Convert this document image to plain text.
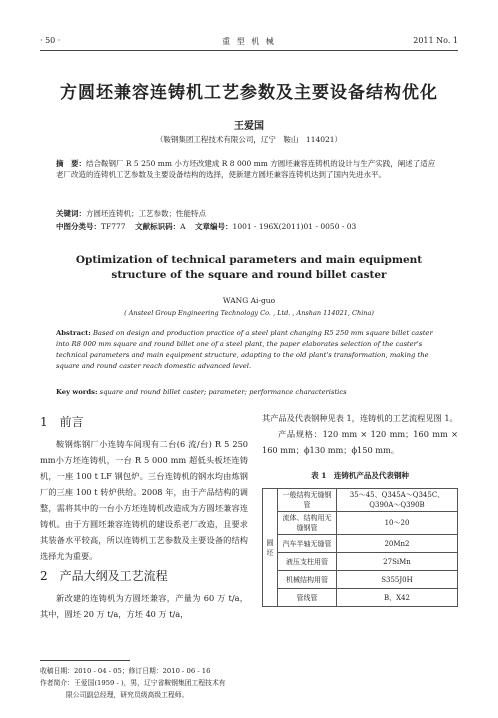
· 50 ·	重 型 机 械	2011 No. 1
方圆坯兼容连铸机工艺参数及主要设备结构优化
王爱国
（鞍钢集团工程技术有限公司，辽宁　鞍山　114021）
摘　要：结合鞍钢厂 R 5 250 mm 小方坯改建成 R 8 000 mm 方圆坯兼容连铸机的设计与生产实践，阐述了适应老厂改造的连铸机工艺参数及主要设备结构的选择，使新建方圆坯兼容连铸机达到了国内先进水平。
关键词：方圆坯连铸机；工艺参数；性能特点
中图分类号：TF777 文献标识码：A 文章编号：1001 - 196X(2011)01 - 0050 - 03
Optimization of technical parameters and main equipment
structure of the square and round billet caster
WANG Ai-guo
( Ansteel Group Engineering Technology Co. , Ltd. , Anshan 114021, China)
Abstract: Based on design and production practice of a steel plant changing R5 250 mm square billet caster into R8 000 mm square and round billet one of a steel plant, the paper elaborates selection of the caster's technical parameters and main equipment structure, adapting to the old plant's transformation, making the square and round caster reach domestic advanced level.
Key words: square and round billet caster; parameter; performance characteristics
1　前言
鞍钢炼钢厂小连铸车间现有二台(6 流/台) R 5 250 mm小方坯连铸机，一台 R 5 000 mm 超低头板坯连铸机，一座 100 t LF 钢包炉。三台连铸机的钢水均由炼钢厂的三座 100 t 转炉供给。2008 年，由于产品结构的调整，需将其中的一台小方坯连铸机改造成为方圆坯兼容连铸机。由于方圆坯兼容连铸机的建设系老厂改造，且要求其装备水平较高，所以连铸机工艺参数及主要设备的结构选择尤为重要。
2　产品大纲及工艺流程
新改建的连铸机为方圆坯兼容，产量为 60 万 t/a，其中，圆坯 20 万 t/a，方坯 40 万 t/a，
其产品及代表钢种见表 1，连铸机的工艺流程见图 1。
产品规格：120 mm × 120 mm；160 mm × 160 mm；ϕ130 mm；ϕ150 mm。
表 1　连铸机产品及代表钢种
圆坯	一般结构无缝钢管	35～45、Q345A～Q345C、Q390A～Q390B
	流体、结构用无缝钢管	10～20
	汽车半轴无缝管	20Mn2
	液压支柱用管	27SiMn
	机械结构用管	S355J0H
	管线管	B、X42
收稿日期：2010 - 04 - 05；修订日期：2010 - 06 - 16
作者简介：王爱国(1959 - )，男，辽宁省鞍钢集团工程技术有
限公司副总经理，研究员级高级工程师。
